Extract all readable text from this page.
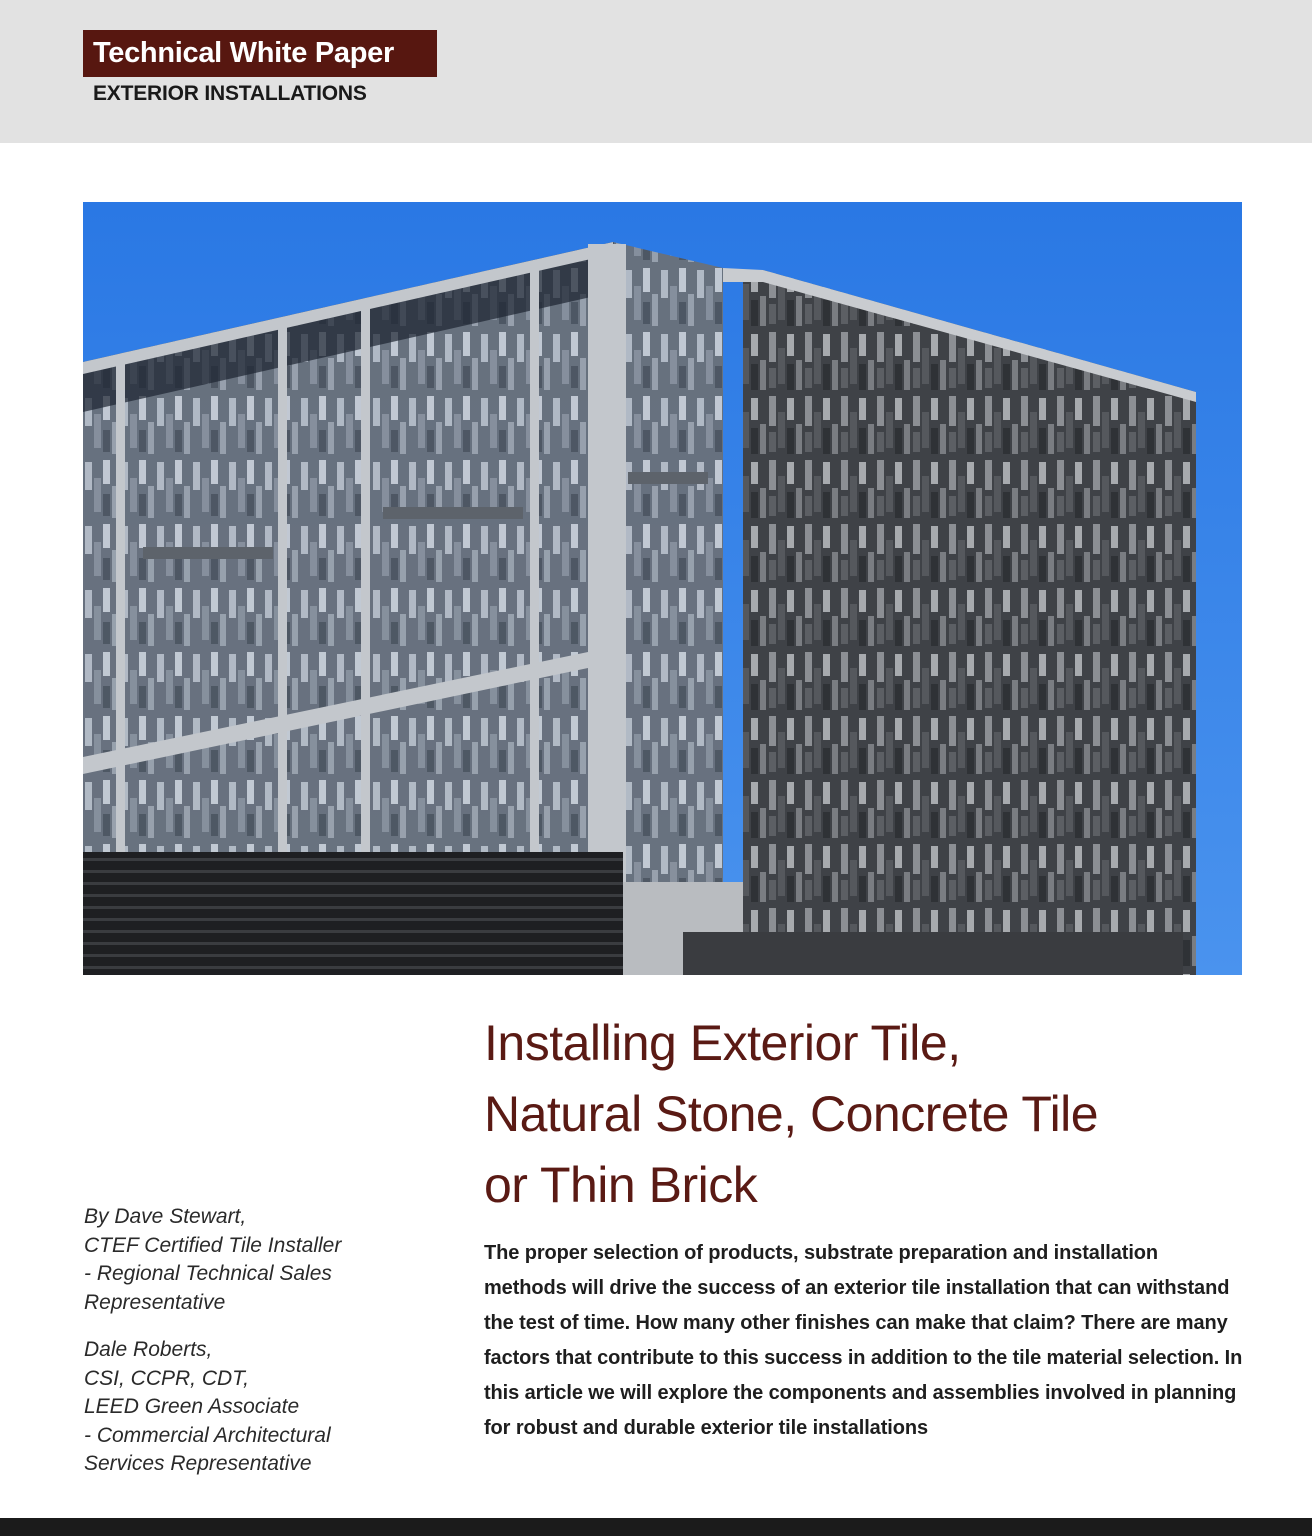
Technical White Paper
EXTERIOR INSTALLATIONS
Installing Exterior Tile,
Natural Stone, Concrete Tile
or Thin Brick
By Dave Stewart,
CTEF Certified Tile Installer
- Regional Technical Sales
Representative
Dale Roberts,
CSI, CCPR, CDT,
LEED Green Associate
- Commercial Architectural
Services Representative
The proper selection of products, substrate preparation and installation methods will drive the success of an exterior tile installation that can withstand the test of time. How many other finishes can make that claim? There are many factors that contribute to this success in addition to the tile material selection. In this article we will explore the components and assemblies involved in planning for robust and durable exterior tile installations
